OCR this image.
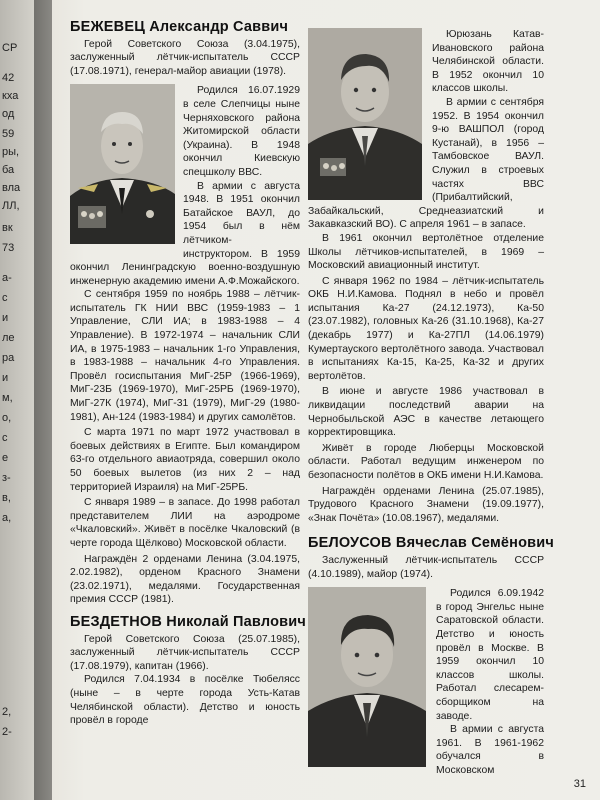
СР
42
кха
од
59
ры,
ба
вла
ЛЛ,
вк
73
а-
с
и
ле
ра
и
м,
о,
с
е
з-
в,
а,
2,
2-
БЕЖЕВЕЦ Александр Саввич

Герой Советского Союза (3.04.1975), заслуженный лётчик-испытатель СССР (17.08.1971), генерал-майор авиации (1978).

Родился 16.07.1929 в селе Слепчицы ныне Черняховского района Житомирской области (Украина). В 1948 окончил Киевскую спецшколу ВВС.

В армии с августа 1948. В 1951 окончил Батайское ВАУЛ, до 1954 был в нём лётчиком-инструктором. В 1959 окончил Ленинградскую военно-воздушную инженерную академию имени А.Ф.Можайского.

С сентября 1959 по ноябрь 1988 – лётчик-испытатель ГК НИИ ВВС (1959-1983 – 1 Управление, СЛИ ИА; в 1983-1988 – 4 Управление). В 1972-1974 – начальник СЛИ ИА, в 1975-1983 – начальник 1-го Управления, в 1983-1988 – начальник 4-го Управления. Провёл госиспытания МиГ-25Р (1966-1969), МиГ-23Б (1969-1970), МиГ-25РБ (1969-1970), МиГ-27К (1974), МиГ-31 (1979), МиГ-29 (1980-1981), Ан-124 (1983-1984) и других самолётов.

С марта 1971 по март 1972 участвовал в боевых действиях в Египте. Был командиром 63-го отдельного авиаотряда, совершил около 50 боевых вылетов (из них 2 – над территорией Израиля) на МиГ-25РБ.

С января 1989 – в запасе. До 1998 работал представителем ЛИИ на аэродроме «Чкаловский». Живёт в посёлке Чкаловский (в черте города Щёлково) Московской области.

Награждён 2 орденами Ленина (3.04.1975, 2.02.1982), орденом Красного Знамени (23.02.1971), медалями. Государственная премия СССР (1981).

БЕЗДЕТНОВ Николай Павлович

Герой Советского Союза (25.07.1985), заслуженный лётчик-испытатель СССР (17.08.1979), капитан (1966).

Родился 7.04.1934 в посёлке Тюбелясс (ныне – в черте города Усть-Катав Челябинской области). Детство и юность провёл в городе

Юрюзань Катав-Ивановского района Челябинской области. В 1952 окончил 10 классов школы.

В армии с сентября 1952. В 1954 окончил 9-ю ВАШПОЛ (город Кустанай), в 1956 – Тамбовское ВАУЛ. Служил в строевых частях ВВС (Прибалтийский, Забайкальский, Среднеазиатский и Закавказский ВО). С апреля 1961 – в запасе.

В 1961 окончил вертолётное отделение Школы лётчиков-испытателей, в 1969 – Московский авиационный институт.

С января 1962 по 1984 – лётчик-испытатель ОКБ Н.И.Камова. Поднял в небо и провёл испытания Ка-27 (24.12.1973), Ка-50 (23.07.1982), головных Ка-26 (31.10.1968), Ка-27 (декабрь 1977) и Ка-27ПЛ (14.06.1979) Кумертауского вертолётного завода. Участвовал в испытаниях Ка-15, Ка-25, Ка-32 и других вертолётов.

В июне и августе 1986 участвовал в ликвидации последствий аварии на Чернобыльской АЭС в качестве летающего корректировщика.

Живёт в городе Люберцы Московской области. Работал ведущим инженером по безопасности полётов в ОКБ имени Н.И.Камова.

Награждён орденами Ленина (25.07.1985), Трудового Красного Знамени (19.09.1977), «Знак Почёта» (10.08.1967), медалями.

БЕЛОУСОВ Вячеслав Семёнович

Заслуженный лётчик-испытатель СССР (4.10.1989), майор (1974).

Родился 6.09.1942 в город Энгельс ныне Саратовской области. Детство и юность провёл в Москве. В 1959 окончил 10 классов школы. Работал слесарем-сборщиком на заводе.

В армии с августа 1961. В 1961-1962 обучался в Московском

31
